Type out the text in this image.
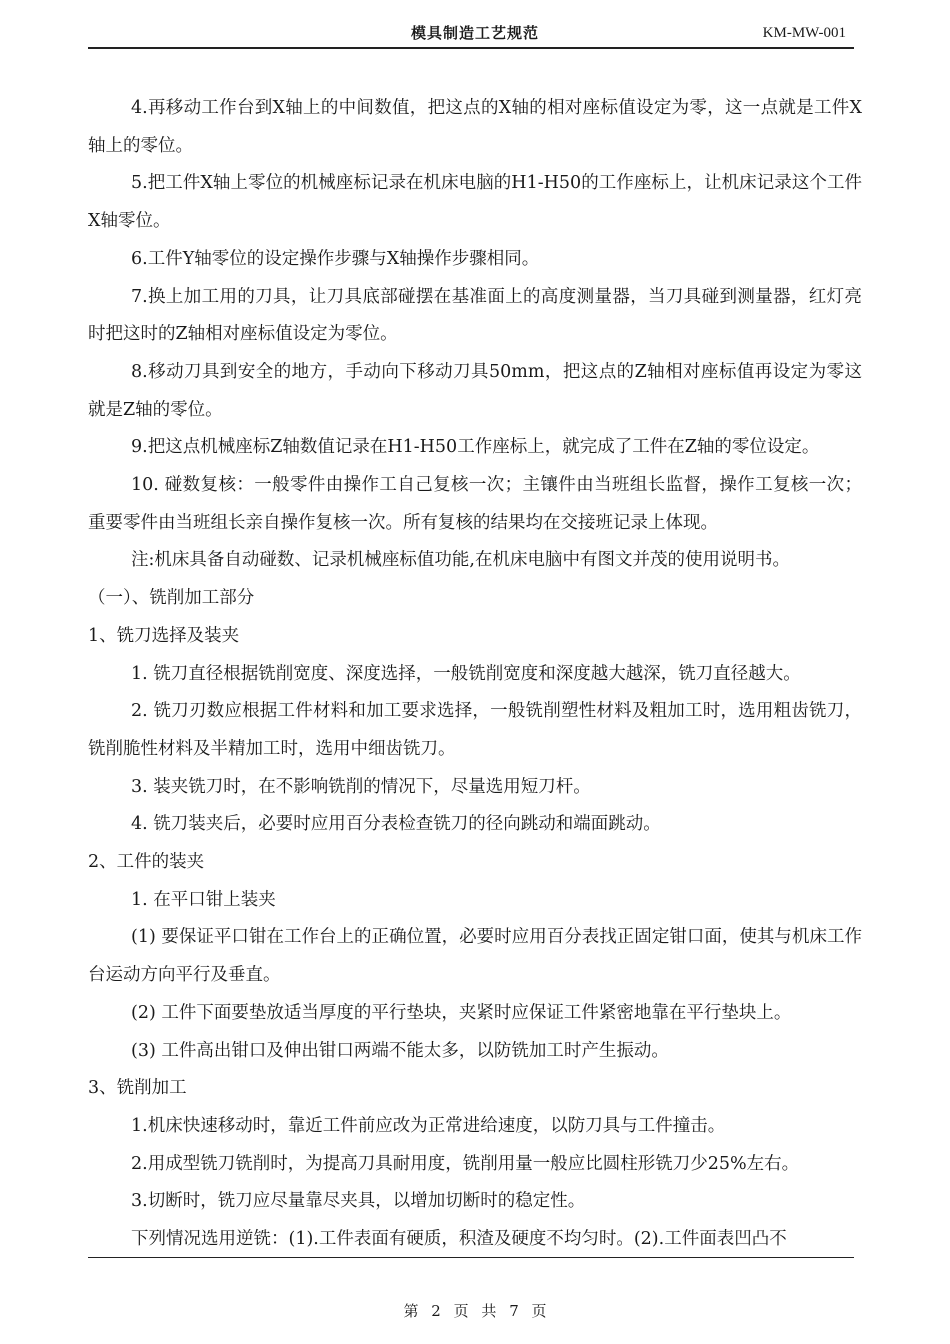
模具制造工艺规范	KM-MW-001

4.再移动工作台到X轴上的中间数值，把这点的X轴的相对座标值设定为零，这一点就是工件X轴上的零位。

5.把工件X轴上零位的机械座标记录在机床电脑的H1-H50的工作座标上，让机床记录这个工件X轴零位。

6.工件Y轴零位的设定操作步骤与X轴操作步骤相同。

7.换上加工用的刀具，让刀具底部碰摆在基准面上的高度测量器，当刀具碰到测量器，红灯亮时把这时的Z轴相对座标值设定为零位。

8.移动刀具到安全的地方，手动向下移动刀具50mm，把这点的Z轴相对座标值再设定为零这就是Z轴的零位。

9.把这点机械座标Z轴数值记录在H1-H50工作座标上，就完成了工件在Z轴的零位设定。

10. 碰数复核：一般零件由操作工自己复核一次；主镶件由当班组长监督，操作工复核一次；重要零件由当班组长亲自操作复核一次。所有复核的结果均在交接班记录上体现。

注:机床具备自动碰数、记录机械座标值功能,在机床电脑中有图文并茂的使用说明书。

（一）、铣削加工部分

1、铣刀选择及装夹

1. 铣刀直径根据铣削宽度、深度选择，一般铣削宽度和深度越大越深，铣刀直径越大。

2. 铣刀刃数应根据工件材料和加工要求选择，一般铣削塑性材料及粗加工时，选用粗齿铣刀，铣削脆性材料及半精加工时，选用中细齿铣刀。

3. 装夹铣刀时，在不影响铣削的情况下，尽量选用短刀杆。

4. 铣刀装夹后，必要时应用百分表检查铣刀的径向跳动和端面跳动。

2、工件的装夹

1. 在平口钳上装夹

(1) 要保证平口钳在工作台上的正确位置，必要时应用百分表找正固定钳口面，使其与机床工作台运动方向平行及垂直。

(2) 工件下面要垫放适当厚度的平行垫块，夹紧时应保证工件紧密地靠在平行垫块上。

(3) 工件高出钳口及伸出钳口两端不能太多，以防铣加工时产生振动。

3、铣削加工

1.机床快速移动时，靠近工件前应改为正常进给速度，以防刀具与工件撞击。

2.用成型铣刀铣削时，为提高刀具耐用度，铣削用量一般应比圆柱形铣刀少25%左右。

3.切断时，铣刀应尽量靠尽夹具，以增加切断时的稳定性。

下列情况选用逆铣：(1).工件表面有硬质，积渣及硬度不均匀时。(2).工件面表凹凸不

第 2 页 共 7 页
